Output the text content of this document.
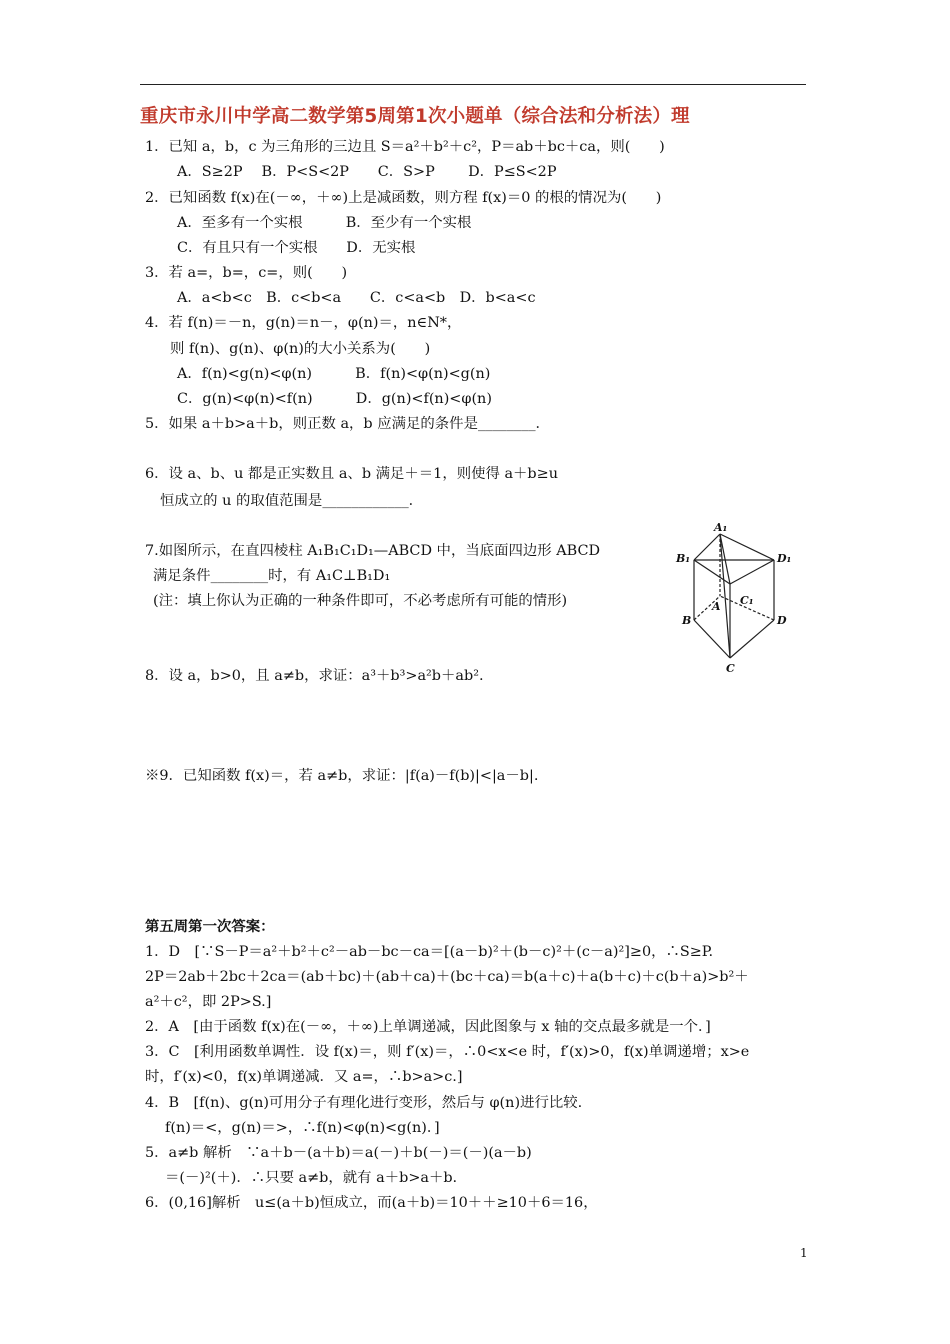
重庆市永川中学高二数学第5周第1次小题单（综合法和分析法）理
1．已知 a，b，c 为三角形的三边且 S＝a²＋b²＋c²，P＝ab＋bc＋ca，则(　　)
A．S≥2P　 B．P<S<2P　　C．S>P　　 D．P≤S<2P
2．已知函数 f(x)在(－∞，＋∞)上是减函数，则方程 f(x)＝0 的根的情况为(　　)
A．至多有一个实根　　　B．至少有一个实根
C．有且只有一个实根　　D．无实根
3．若 a=，b=，c=，则(　　)
A．a<b<c　B．c<b<a　　C．c<a<b　D．b<a<c
4．若 f(n)＝－n，g(n)＝n－，φ(n)＝，n∈N*，
则 f(n)、g(n)、φ(n)的大小关系为(　　)
A．f(n)<g(n)<φ(n)　　　B．f(n)<φ(n)<g(n)
C．g(n)<φ(n)<f(n)　　　D．g(n)<f(n)<φ(n)
5．如果 a＋b>a＋b，则正数 a，b 应满足的条件是________．
6．设 a、b、u 都是正实数且 a、b 满足＋＝1，则使得 a＋b≥u
恒成立的 u 的取值范围是____________．
7.如图所示，在直四棱柱 A₁B₁C₁D₁—ABCD 中，当底面四边形 ABCD
满足条件________时，有 A₁C⊥B₁D₁
(注：填上你认为正确的一种条件即可，不必考虑所有可能的情形)
A₁
B₁	D₁
C₁
A
B	D
C
8．设 a，b>0，且 a≠b，求证：a³＋b³>a²b＋ab².
※9．已知函数 f(x)＝，若 a≠b，求证：|f(a)－f(b)|<|a－b|.
第五周第一次答案：
1．D　[∵S－P＝a²＋b²＋c²－ab－bc－ca＝[(a－b)²＋(b－c)²＋(c－a)²]≥0，∴S≥P.
2P＝2ab＋2bc＋2ca＝(ab＋bc)＋(ab＋ca)＋(bc＋ca)＝b(a＋c)＋a(b＋c)＋c(b＋a)>b²＋
a²＋c²，即 2P>S.]
2．A　[由于函数 f(x)在(－∞，＋∞)上单调递减，因此图象与 x 轴的交点最多就是一个．]
3．C　[利用函数单调性．设 f(x)＝，则 f′(x)＝，∴0<x<e 时，f′(x)>0，f(x)单调递增；x>e
时，f′(x)<0，f(x)单调递减．又 a=，∴b>a>c.]
4．B　[f(n)、g(n)可用分子有理化进行变形，然后与 φ(n)进行比较.
f(n)＝<，g(n)＝>，∴f(n)<φ(n)<g(n)．]
5．a≠b 解析　∵a＋b－(a＋b)＝a(－)＋b(－)＝(－)(a－b)
＝(－)²(＋)．∴只要 a≠b，就有 a＋b>a＋b.
6．(0,16]解析　u≤(a＋b)恒成立，而(a＋b)＝10＋＋≥10＋6＝16，
1
